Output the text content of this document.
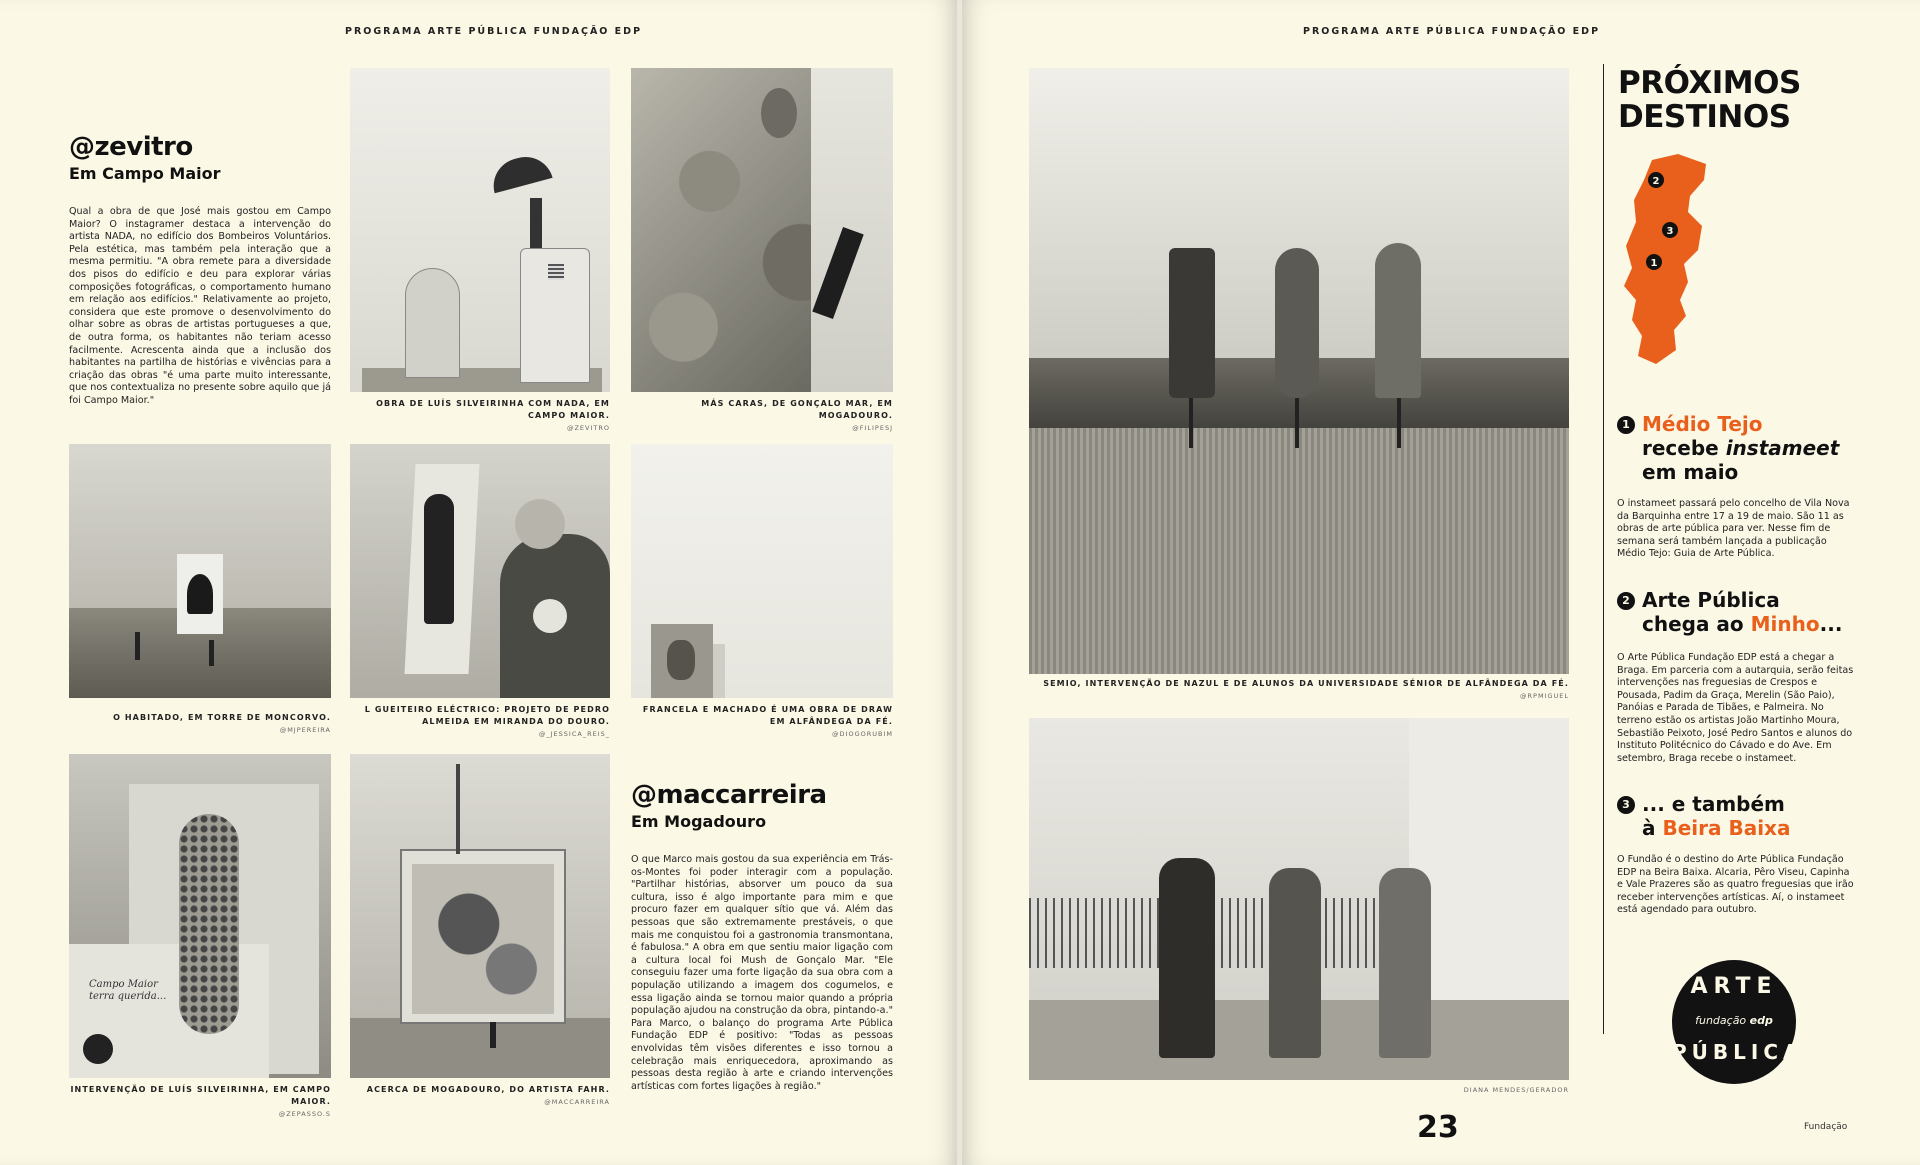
PROGRAMA ARTE PÚBLICA FUNDAÇÃO EDP
@zevitro
Em Campo Maior
Qual a obra de que José mais gostou em Campo Maior? O instagramer destaca a intervenção do artista NADA, no edifício dos Bombeiros Voluntários. Pela estética, mas também pela interação que a mesma permitiu. "A obra remete para a diversidade dos pisos do edifício e deu para explorar várias composições fotográficas, o comportamento humano em relação aos edifícios." Relativamente ao projeto, considera que este promove o desenvolvimento do olhar sobre as obras de artistas portugueses a que, de outra forma, os habitantes não teriam acesso facilmente. Acrescenta ainda que a inclusão dos habitantes na partilha de histórias e vivências para a criação das obras "é uma parte muito interessante, que nos contextualiza no presente sobre aquilo que já foi Campo Maior."	OBRA DE LUÍS SILVEIRINHA COM NADA, EM CAMPO MAIOR.
@ZEVITRO
MÁS CARAS, DE GONÇALO MAR, EM MOGADOURO.
@FILIPESJ
O HABITADO, EM TORRE DE MONCORVO.
@MJPEREIRA
L GUEITEIRO ELÉCTRICO: PROJETO DE PEDRO ALMEIDA EM MIRANDA DO DOURO.
@_JESSICA_REIS_
FRANCELA E MACHADO É UMA OBRA DE DRAW EM ALFÂNDEGA DA FÉ.
@DIOGORUBIM
Campo Maior terra querida...
INTERVENÇÃO DE LUÍS SILVEIRINHA, EM CAMPO MAIOR.
@ZEPASSO.S
ACERCA DE MOGADOURO, DO ARTISTA FAHR.
@MACCARREIRA
@maccarreira
Em Mogadouro
O que Marco mais gostou da sua experiência em Trás-os-Montes foi poder interagir com a população. "Partilhar histórias, absorver um pouco da sua cultura, isso é algo importante para mim e que procuro fazer em qualquer sítio que vá. Além das pessoas que são extremamente prestáveis, o que mais me conquistou foi a gastronomia transmontana, é fabulosa." A obra em que sentiu maior ligação com a cultura local foi Mush de Gonçalo Mar. "Ele conseguiu fazer uma forte ligação da sua obra com a população utilizando a imagem dos cogumelos, e essa ligação ainda se tornou maior quando a própria população ajudou na construção da obra, pintando-a." Para Marco, o balanço do programa Arte Pública Fundação EDP é positivo: "Todas as pessoas envolvidas têm visões diferentes e isso tornou a celebração mais enriquecedora, aproximando as pessoas desta região à arte e criando intervenções artísticas com fortes ligações à região."
PROGRAMA ARTE PÚBLICA FUNDAÇÃO EDP
SEMIO, INTERVENÇÃO DE NAZUL E DE ALUNOS DA UNIVERSIDADE SÉNIOR DE ALFÂNDEGA DA FÉ.
@RPMIGUEL
DIANA MENDES/GERADOR
PRÓXIMOS DESTINOS
2
3
1
1 Médio Tejo
recebe instameet
em maio
O instameet passará pelo concelho de Vila Nova da Barquinha entre 17 a 19 de maio. São 11 as obras de arte pública para ver. Nesse fim de semana será também lançada a publicação Médio Tejo: Guia de Arte Pública.
2 Arte Pública
chega ao Minho...
O Arte Pública Fundação EDP está a chegar a Braga. Em parceria com a autarquia, serão feitas intervenções nas freguesias de Crespos e Pousada, Padim da Graça, Merelin (São Paio), Panóias e Parada de Tibães, e Palmeira. No terreno estão os artistas João Martinho Moura, Sebastião Peixoto, José Pedro Santos e alunos do Instituto Politécnico do Cávado e do Ave. Em setembro, Braga recebe o instameet.
3 ... e também
à Beira Baixa
O Fundão é o destino do Arte Pública Fundação EDP na Beira Baixa. Alcaria, Pêro Viseu, Capinha e Vale Prazeres são as quatro freguesias que irão receber intervenções artísticas. Aí, o instameet está agendado para outubro.
ARTE
fundação edp
PÚBLICA
23	Fundação
